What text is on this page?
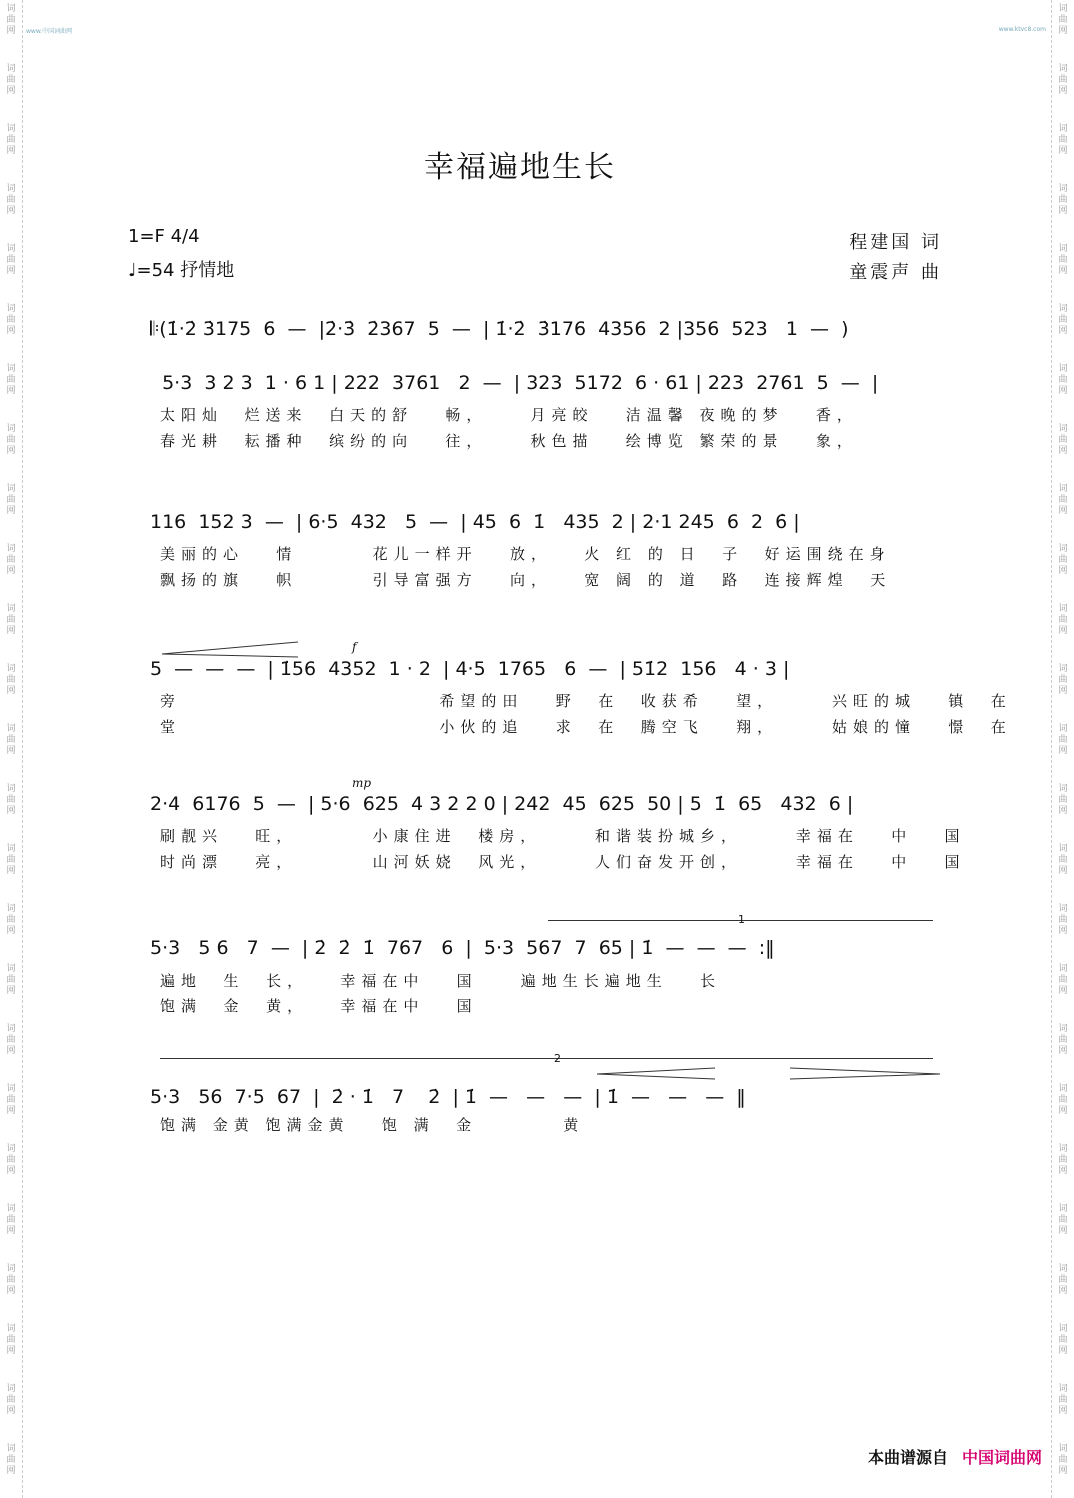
词
曲
网
词
曲
网
词
曲
网
词
曲
网
词
曲
网
词
曲
网
词
曲
网
词
曲
网
词
曲
网
词
曲
网
词
曲
网
词
曲
网
词
曲
网
词
曲
网
词
曲
网
词
曲
网
词
曲
网
词
曲
网
词
曲
网
词
曲
网
词
曲
网
词
曲
网
词
曲
网
词
曲
网
词
曲
网
词
曲
网
词
曲
网
词
曲
网
词
曲
网
词
曲
网
词
曲
网
词
曲
网
词
曲
网
词
曲
网
词
曲
网
词
曲
网
词
曲
网
词
曲
网
词
曲
网
词
曲
网
词
曲
网
词
曲
网
词
曲
网
词
曲
网
词
曲
网
词
曲
网
词
曲
网
词
曲
网
词
曲
网
词
曲
网
www.中国词曲网	www.ktvc8.com
幸福遍地生长
1=F 4/4
♩=54 抒情地
程建国 词
童震声 曲

𝄆(1̇·2̇ 3̇175  6  —  |2̇·3̇  2̇367  5  —  | 1̇·2̇  3̇176  4356  2 |356  523   1  —  )

5·3  3 2 3  1 · 6 1 | 222  3761   2  —  | 323  5172  6 · 61 | 223  2761  5  —  |

太阳灿  烂送来  白天的舒   畅，    月亮皎   洁温馨 夜晚的梦   香，
春光耕  耘播种  缤纷的向   往，    秋色描   绘博览 繁荣的景   象，

116  152 3  —  | 6·5  432   5  —  | 45  6  1̇   435  2 | 2·1 245  6  2  6̇ |

美丽的心   情       花儿一样开   放，   火 红 的 日  子  好运围绕在身
飘扬的旗   帜       引导富强方   向，   宽 阔 的 道  路  连接辉煌  天
f

5  —  —  —  | 1̇56  4352  1 · 2  | 4·5  1765   6  —  | 51̇2  156   4 · 3 |

旁                        希望的田   野  在  收获希   望，     兴旺的城   镇  在
堂                        小伙的追   求  在  腾空飞   翔，     姑娘的憧   憬  在
mp

2·4  6176  5  —  | 5·6  625  4 3 2 2 0 | 242  45  625  50 | 5  1̇  65   432  6 |

刷靓兴   旺，       小康住进  楼房，     和谐装扮城乡，     幸福在   中   国
时尚漂   亮，       山河妖娆  风光，     人们奋发开创，     幸福在   中   国
1

5·3   5 6   7  —  | 2̇  2̇  1̇  767   6  |  5·3  567  7  65 | 1̇  —  —  —  :‖

遍地  生  长，   幸福在中   国    遍地生长遍地生   长
饱满  金  黄，   幸福在中   国
2

5·3   56  7·5  67  |  2̇ · 1̇   7    2̇  | 1̇  —   —   —  | 1̇  —   —   —  ‖

饱满 金黄 饱满金黄   饱 满  金        黄
本曲谱源自 中国词曲网
